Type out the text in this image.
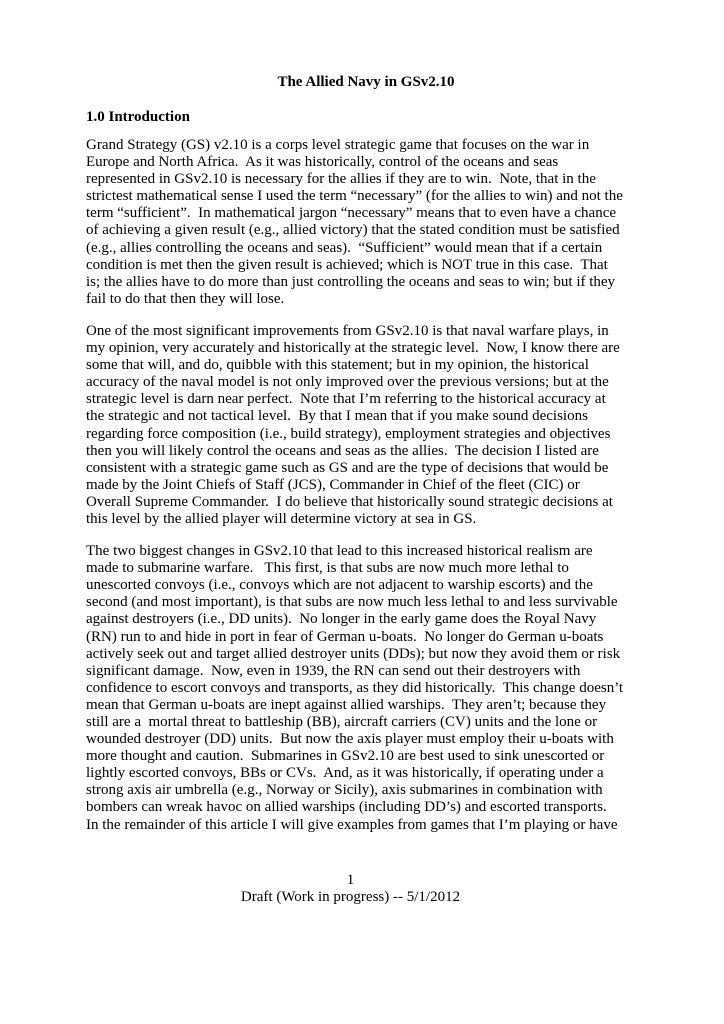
The Allied Navy in GSv2.10
1.0 Introduction

Grand Strategy (GS) v2.10 is a corps level strategic game that focuses on the war in
Europe and North Africa.  As it was historically, control of the oceans and seas
represented in GSv2.10 is necessary for the allies if they are to win.  Note, that in the
strictest mathematical sense I used the term “necessary” (for the allies to win) and not the
term “sufficient”.  In mathematical jargon “necessary” means that to even have a chance
of achieving a given result (e.g., allied victory) that the stated condition must be satisfied
(e.g., allies controlling the oceans and seas).  “Sufficient” would mean that if a certain
condition is met then the given result is achieved; which is NOT true in this case.  That
is; the allies have to do more than just controlling the oceans and seas to win; but if they
fail to do that then they will lose.

One of the most significant improvements from GSv2.10 is that naval warfare plays, in
my opinion, very accurately and historically at the strategic level.  Now, I know there are
some that will, and do, quibble with this statement; but in my opinion, the historical
accuracy of the naval model is not only improved over the previous versions; but at the
strategic level is darn near perfect.  Note that I’m referring to the historical accuracy at
the strategic and not tactical level.  By that I mean that if you make sound decisions
regarding force composition (i.e., build strategy), employment strategies and objectives
then you will likely control the oceans and seas as the allies.  The decision I listed are
consistent with a strategic game such as GS and are the type of decisions that would be
made by the Joint Chiefs of Staff (JCS), Commander in Chief of the fleet (CIC) or
Overall Supreme Commander.  I do believe that historically sound strategic decisions at
this level by the allied player will determine victory at sea in GS.

The two biggest changes in GSv2.10 that lead to this increased historical realism are
made to submarine warfare.   This first, is that subs are now much more lethal to
unescorted convoys (i.e., convoys which are not adjacent to warship escorts) and the
second (and most important), is that subs are now much less lethal to and less survivable
against destroyers (i.e., DD units).  No longer in the early game does the Royal Navy
(RN) run to and hide in port in fear of German u-boats.  No longer do German u-boats
actively seek out and target allied destroyer units (DDs); but now they avoid them or risk
significant damage.  Now, even in 1939, the RN can send out their destroyers with
confidence to escort convoys and transports, as they did historically.  This change doesn’t
mean that German u-boats are inept against allied warships.  They aren’t; because they
still are a  mortal threat to battleship (BB), aircraft carriers (CV) units and the lone or
wounded destroyer (DD) units.  But now the axis player must employ their u-boats with
more thought and caution.  Submarines in GSv2.10 are best used to sink unescorted or
lightly escorted convoys, BBs or CVs.  And, as it was historically, if operating under a
strong axis air umbrella (e.g., Norway or Sicily), axis submarines in combination with
bombers can wreak havoc on allied warships (including DD’s) and escorted transports.
In the remainder of this article I will give examples from games that I’m playing or have

1
Draft (Work in progress) -- 5/1/2012
